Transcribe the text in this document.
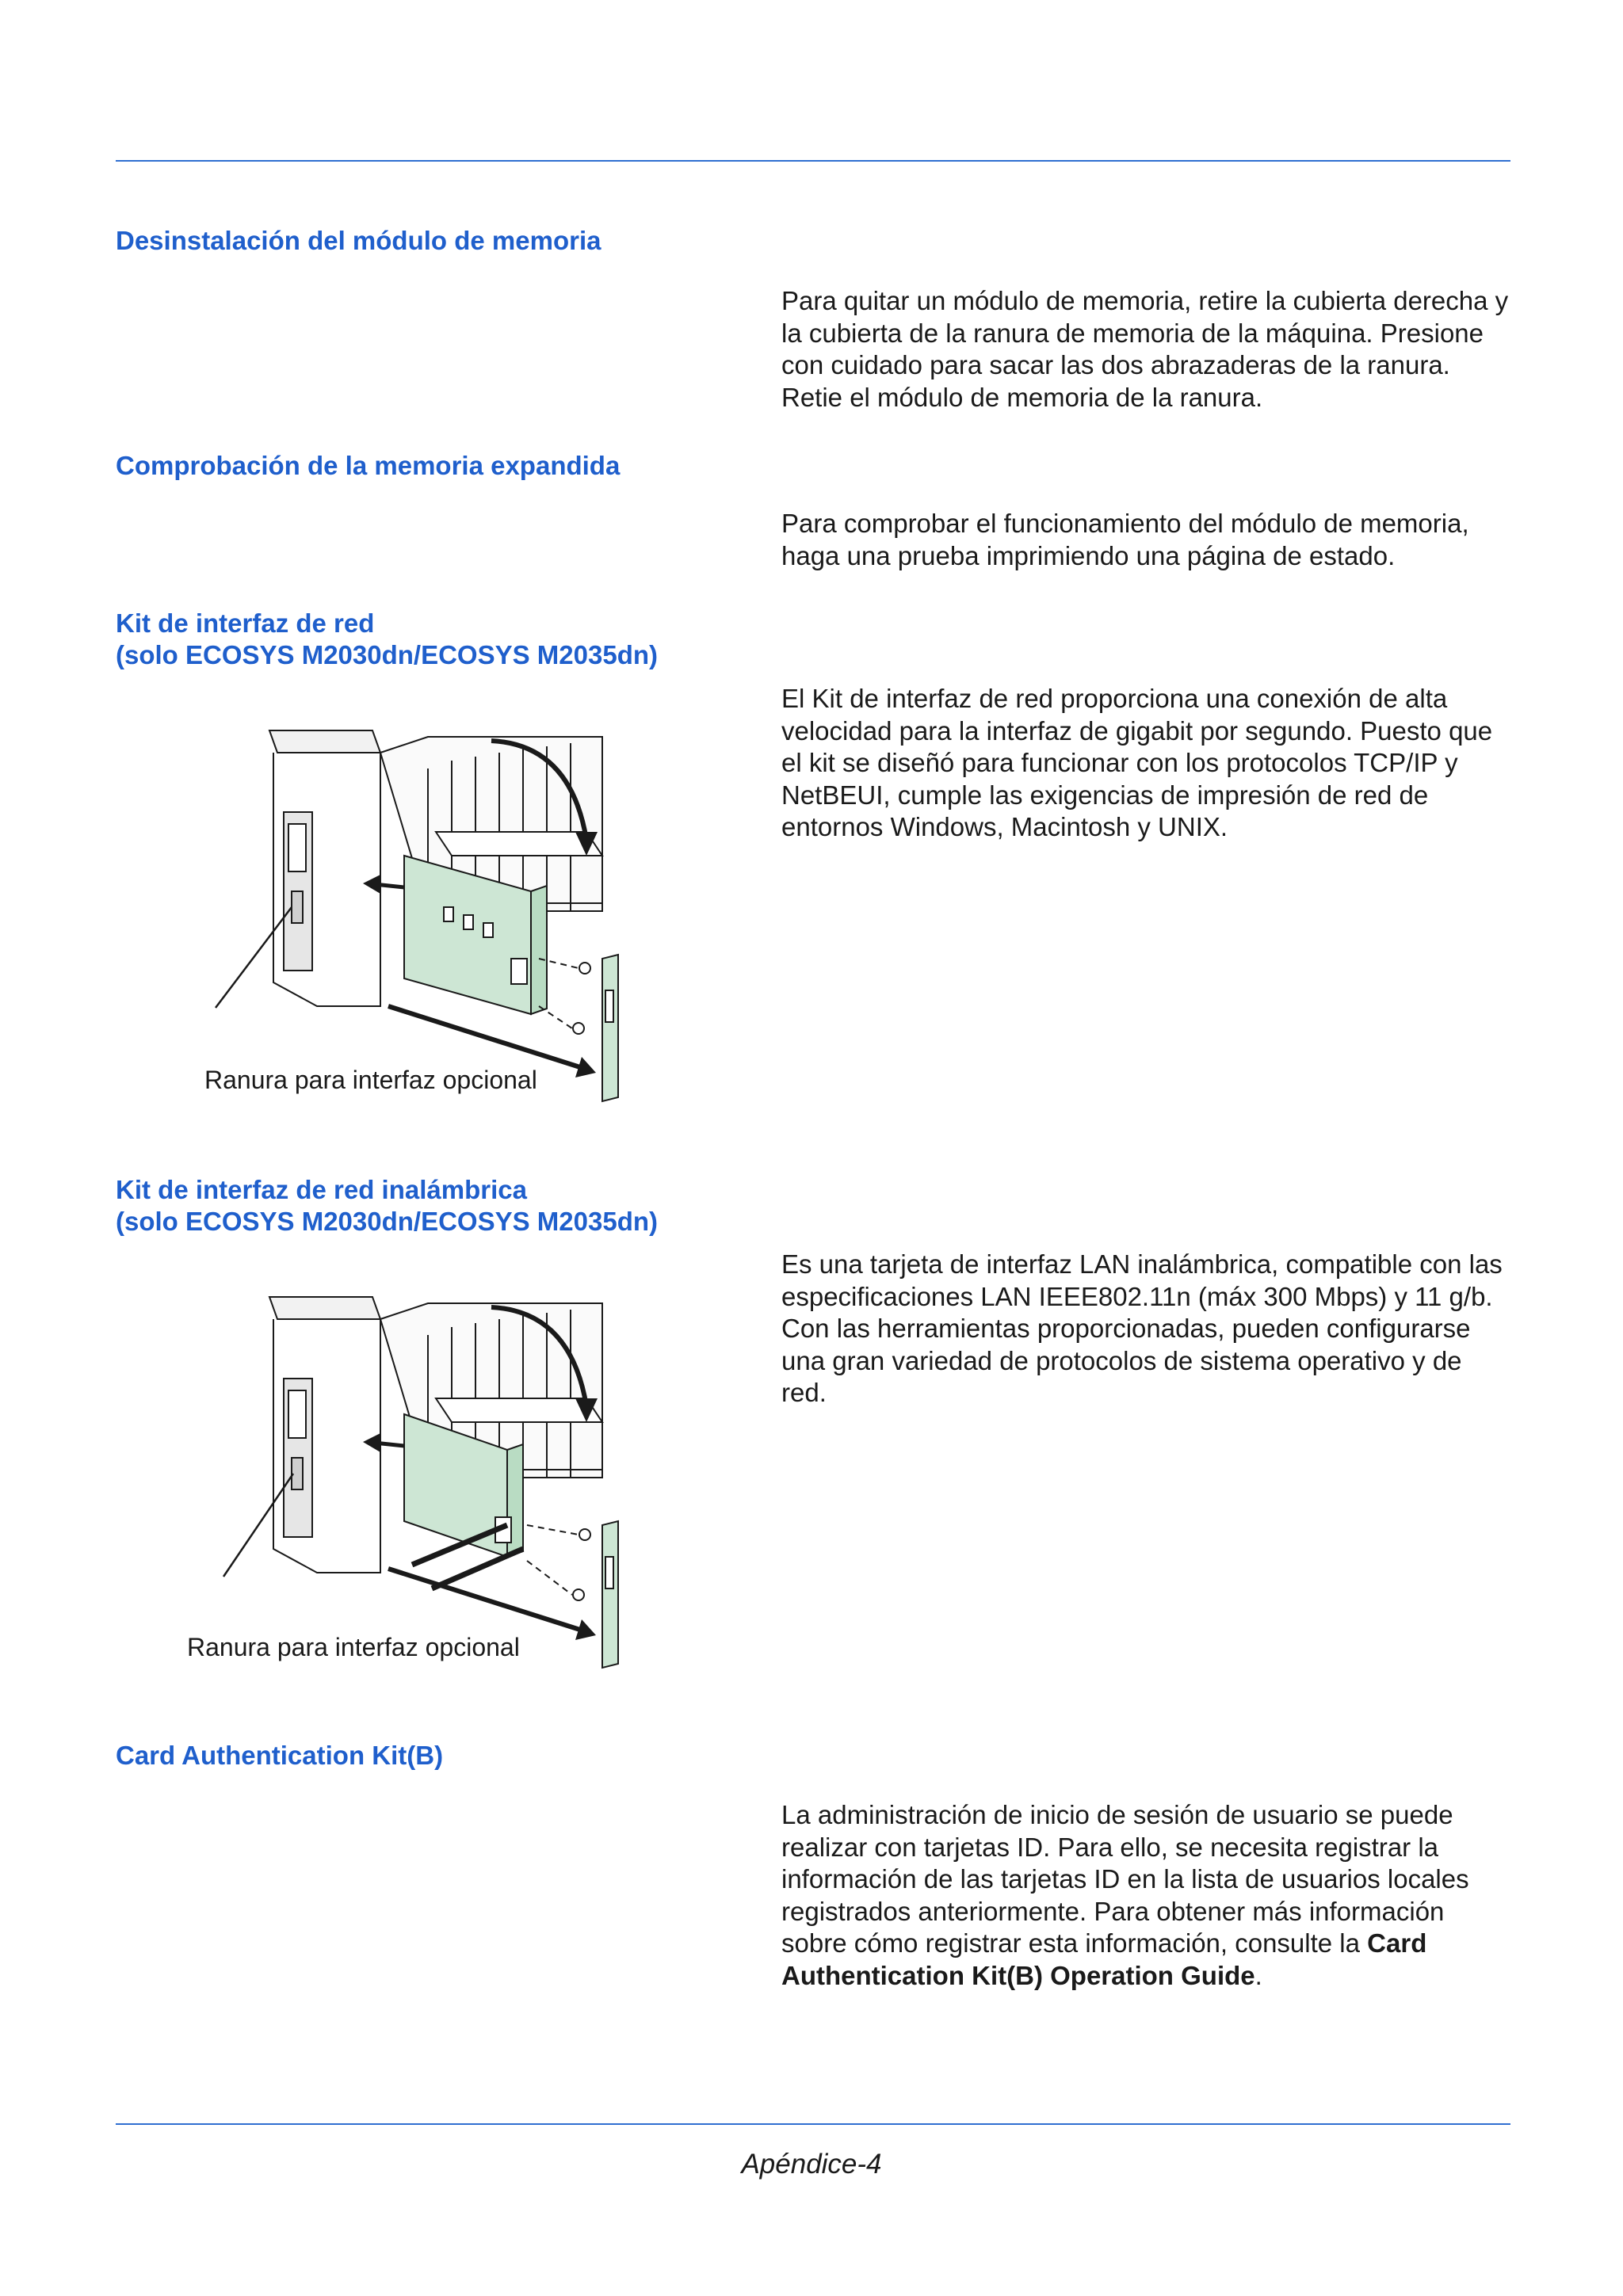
Desinstalación del módulo de memoria

Para quitar un módulo de memoria, retire la cubierta derecha y la cubierta de la ranura de memoria de la máquina. Presione con cuidado para sacar las dos abrazaderas de la ranura. Retie el módulo de memoria de la ranura.

Comprobación de la memoria expandida

Para comprobar el funcionamiento del módulo de memoria, haga una prueba imprimiendo una página de estado.

Kit de interfaz de red
(solo ECOSYS M2030dn/ECOSYS M2035dn)

El Kit de interfaz de red proporciona una conexión de alta velocidad para la interfaz de gigabit por segundo. Puesto que el kit se diseñó para funcionar con los protocolos TCP/IP y NetBEUI, cumple las exigencias de impresión de red de entornos Windows, Macintosh y UNIX.

Ranura para interfaz opcional
Kit de interfaz de red inalámbrica
(solo ECOSYS M2030dn/ECOSYS M2035dn)

Es una tarjeta de interfaz LAN inalámbrica, compatible con las especificaciones LAN IEEE802.11n (máx 300 Mbps) y 11 g/b. Con las herramientas proporcionadas, pueden configurarse una gran variedad de protocolos de sistema operativo y de red.

Ranura para interfaz opcional
Card Authentication Kit(B)

La administración de inicio de sesión de usuario se puede realizar con tarjetas ID. Para ello, se necesita registrar la información de las tarjetas ID en la lista de usuarios locales registrados anteriormente. Para obtener más información sobre cómo registrar esta información, consulte la Card Authentication Kit(B) Operation Guide.

Apéndice-4
